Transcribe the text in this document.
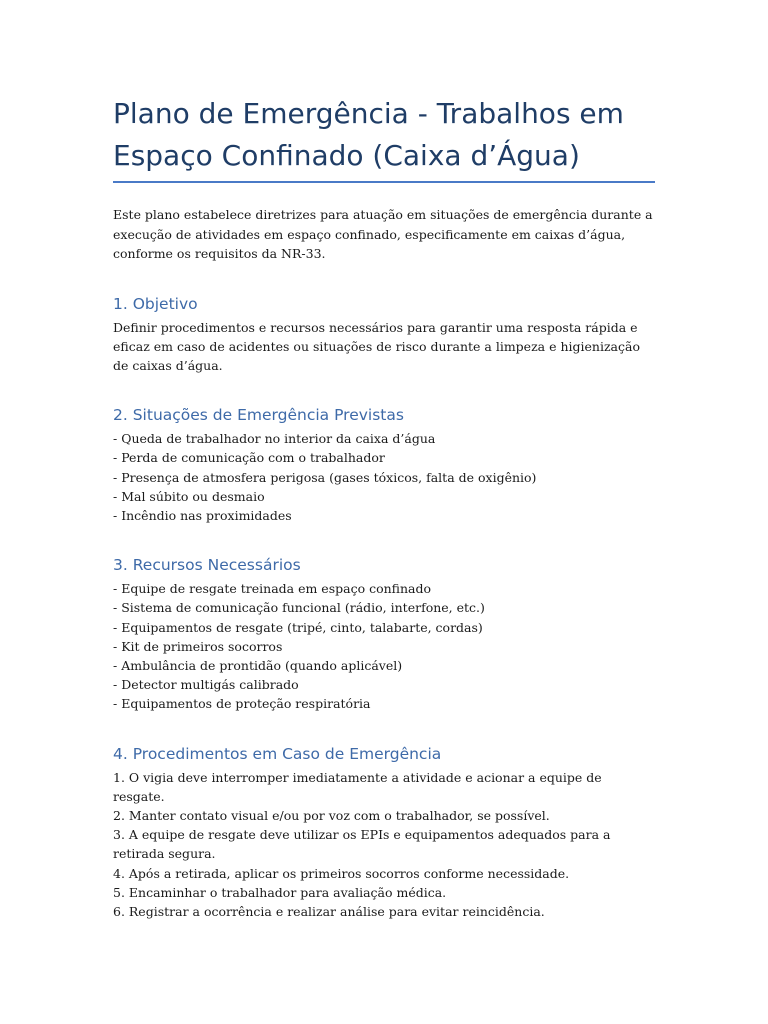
Plano de Emergência - Trabalhos em Espaço Confinado (Caixa d’Água)

Este plano estabelece diretrizes para atuação em situações de emergência durante a execução de atividades em espaço confinado, especificamente em caixas d’água, conforme os requisitos da NR-33.

1. Objetivo

Definir procedimentos e recursos necessários para garantir uma resposta rápida e eficaz em caso de acidentes ou situações de risco durante a limpeza e higienização de caixas d’água.

2. Situações de Emergência Previstas
- Queda de trabalhador no interior da caixa d’água
- Perda de comunicação com o trabalhador
- Presença de atmosfera perigosa (gases tóxicos, falta de oxigênio)
- Mal súbito ou desmaio
- Incêndio nas proximidades
3. Recursos Necessários
- Equipe de resgate treinada em espaço confinado
- Sistema de comunicação funcional (rádio, interfone, etc.)
- Equipamentos de resgate (tripé, cinto, talabarte, cordas)
- Kit de primeiros socorros
- Ambulância de prontidão (quando aplicável)
- Detector multigás calibrado
- Equipamentos de proteção respiratória
4. Procedimentos em Caso de Emergência
1. O vigia deve interromper imediatamente a atividade e acionar a equipe de resgate.
2. Manter contato visual e/ou por voz com o trabalhador, se possível.
3. A equipe de resgate deve utilizar os EPIs e equipamentos adequados para a retirada segura.
4. Após a retirada, aplicar os primeiros socorros conforme necessidade.
5. Encaminhar o trabalhador para avaliação médica.
6. Registrar a ocorrência e realizar análise para evitar reincidência.
